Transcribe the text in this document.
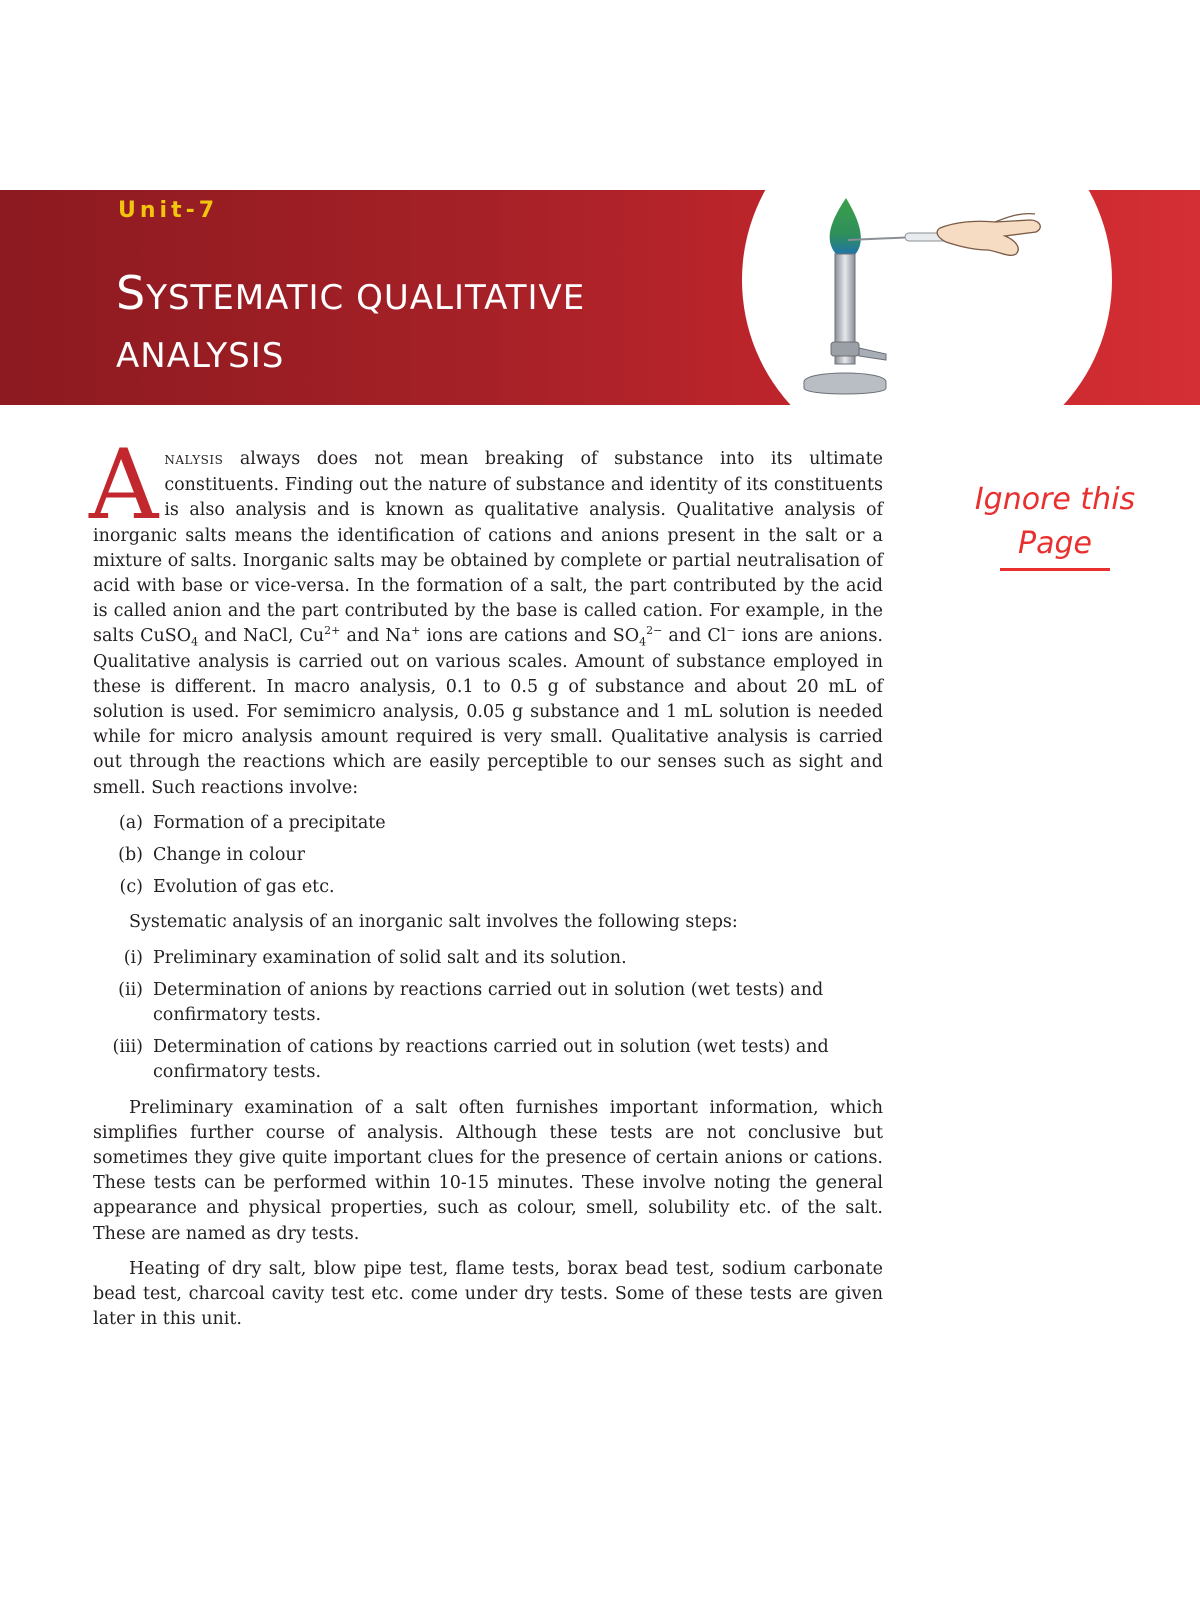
Unit-7
SYSTEMATIC QUALITATIVE ANALYSIS

ANALYSIS always does not mean breaking of substance into its ultimate constituents. Finding out the nature of substance and identity of its constituents is also analysis and is known as qualitative analysis. Qualitative analysis of inorganic salts means the identification of cations and anions present in the salt or a mixture of salts. Inorganic salts may be obtained by complete or partial neutralisation of acid with base or vice-versa. In the formation of a salt, the part contributed by the acid is called anion and the part contributed by the base is called cation. For example, in the salts CuSO$_4$ and NaCl, $Cu^{2+}$ and Na+ ions are cations and $SO_4^{2-}$ and Cl− ions are anions. Qualitative analysis is carried out on various scales. Amount of substance employed in these is different. In macro analysis, 0.1 to 0.5 g of substance and about 20 mL of solution is used. For semimicro analysis, 0.05 g substance and 1 mL solution is needed while for micro analysis amount required is very small. Qualitative analysis is carried out through the reactions which are easily perceptible to our senses such as sight and smell. Such reactions involve:

(a) Formation of a precipitate
(b) Change in colour
(c) Evolution of gas etc.

Systematic analysis of an inorganic salt involves the following steps:

(i) Preliminary examination of solid salt and its solution.
(ii) Determination of anions by reactions carried out in solution (wet tests) and confirmatory tests.
(iii) Determination of cations by reactions carried out in solution (wet tests) and confirmatory tests.

Preliminary examination of a salt often furnishes important information, which simplifies further course of analysis. Although these tests are not conclusive but sometimes they give quite important clues for the presence of certain anions or cations. These tests can be performed within 10-15 minutes. These involve noting the general appearance and physical properties, such as colour, smell, solubility etc. of the salt. These are named as dry tests.

Heating of dry salt, blow pipe test, flame tests, borax bead test, sodium carbonate bead test, charcoal cavity test etc. come under dry tests. Some of these tests are given later in this unit.

Ignore this
Page
